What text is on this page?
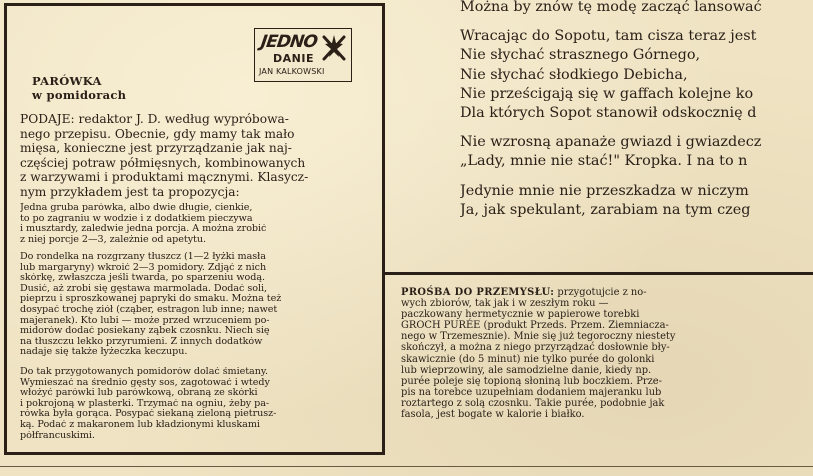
JEDNO
DANIE
JAN KALKOWSKI
PARÓWKA
w pomidorach
PODAJE: redaktor J. D. według wypróbowa-
nego przepisu. Obecnie, gdy mamy tak mało
mięsa, konieczne jest przyrządzanie jak naj-
częściej potraw półmięsnych, kombinowanych
z warzywami i produktami mącznymi. Klasycz-
nym przykładem jest ta propozycja:
Jedna gruba parówka, albo dwie długie, cienkie,
to po zagraniu w wodzie i z dodatkiem pieczywa
i musztardy, zaledwie jedna porcja. A można zrobić
z niej porcje 2—3, zależnie od apetytu.
Do rondelka na rozgrzany tłuszcz (1—2 łyżki masła
lub margaryny) wkroić 2—3 pomidory. Zdjąć z nich
skórkę, zwłaszcza jeśli twarda, po sparzeniu wodą.
Dusić, aż zrobi się gęstawa marmolada. Dodać soli,
pieprzu i sproszkowanej papryki do smaku. Można też
dosypać trochę ziół (cząber, estragon lub inne; nawet
majeranek). Kto lubi — może przed wrzuceniem po-
midorów dodać posiekany ząbek czosnku. Niech się
na tłuszczu lekko przyrumieni. Z innych dodatków
nadaje się także łyżeczka keczupu.
Do tak przygotowanych pomidorów dolać śmietany.
Wymieszać na średnio gęsty sos, zagotować i wtedy
włożyć parówki lub parówkową, obraną ze skórki
i pokrojoną w plasterki. Trzymać na ogniu, żeby pa-
rówka była gorąca. Posypać siekaną zieloną pietrusz-
ką. Podać z makaronem lub kładzionymi kluskami
półfrancuskimi.
Można by znów tę modę zacząć lansować
Wracając do Sopotu, tam cisza teraz jest
Nie słychać strasznego Górnego,
Nie słychać słodkiego Debicha,
Nie prześcigają się w gaffach kolejne ko
Dla których Sopot stanowił odskocznię d
Nie wzrosną apanaże gwiazd i gwiazdecz
„Lady, mnie nie stać!" Kropka. I na to n
Jedynie mnie nie przeszkadza w niczym
Ja, jak spekulant, zarabiam na tym czeg
PROŚBA DO PRZEMYSŁU: przygotujcie z no-
wych zbiorów, tak jak i w zeszłym roku —
paczkowany hermetycznie w papierowe torebki
GROCH PURÉE (produkt Przeds. Przem. Ziemniacza-
nego w Trzemesznie). Mnie się już tegoroczny niestety
skończył, a można z niego przyrządzać dosłownie bły-
skawicznie (do 5 minut) nie tylko purée do golonki
lub wieprzowiny, ale samodzielne danie, kiedy np.
purée poleje się topioną słoniną lub boczkiem. Prze-
pis na torebce uzupełniam dodaniem majeranku lub
roztartego z solą czosnku. Takie purée, podobnie jak
fasola, jest bogate w kalorie i białko.
